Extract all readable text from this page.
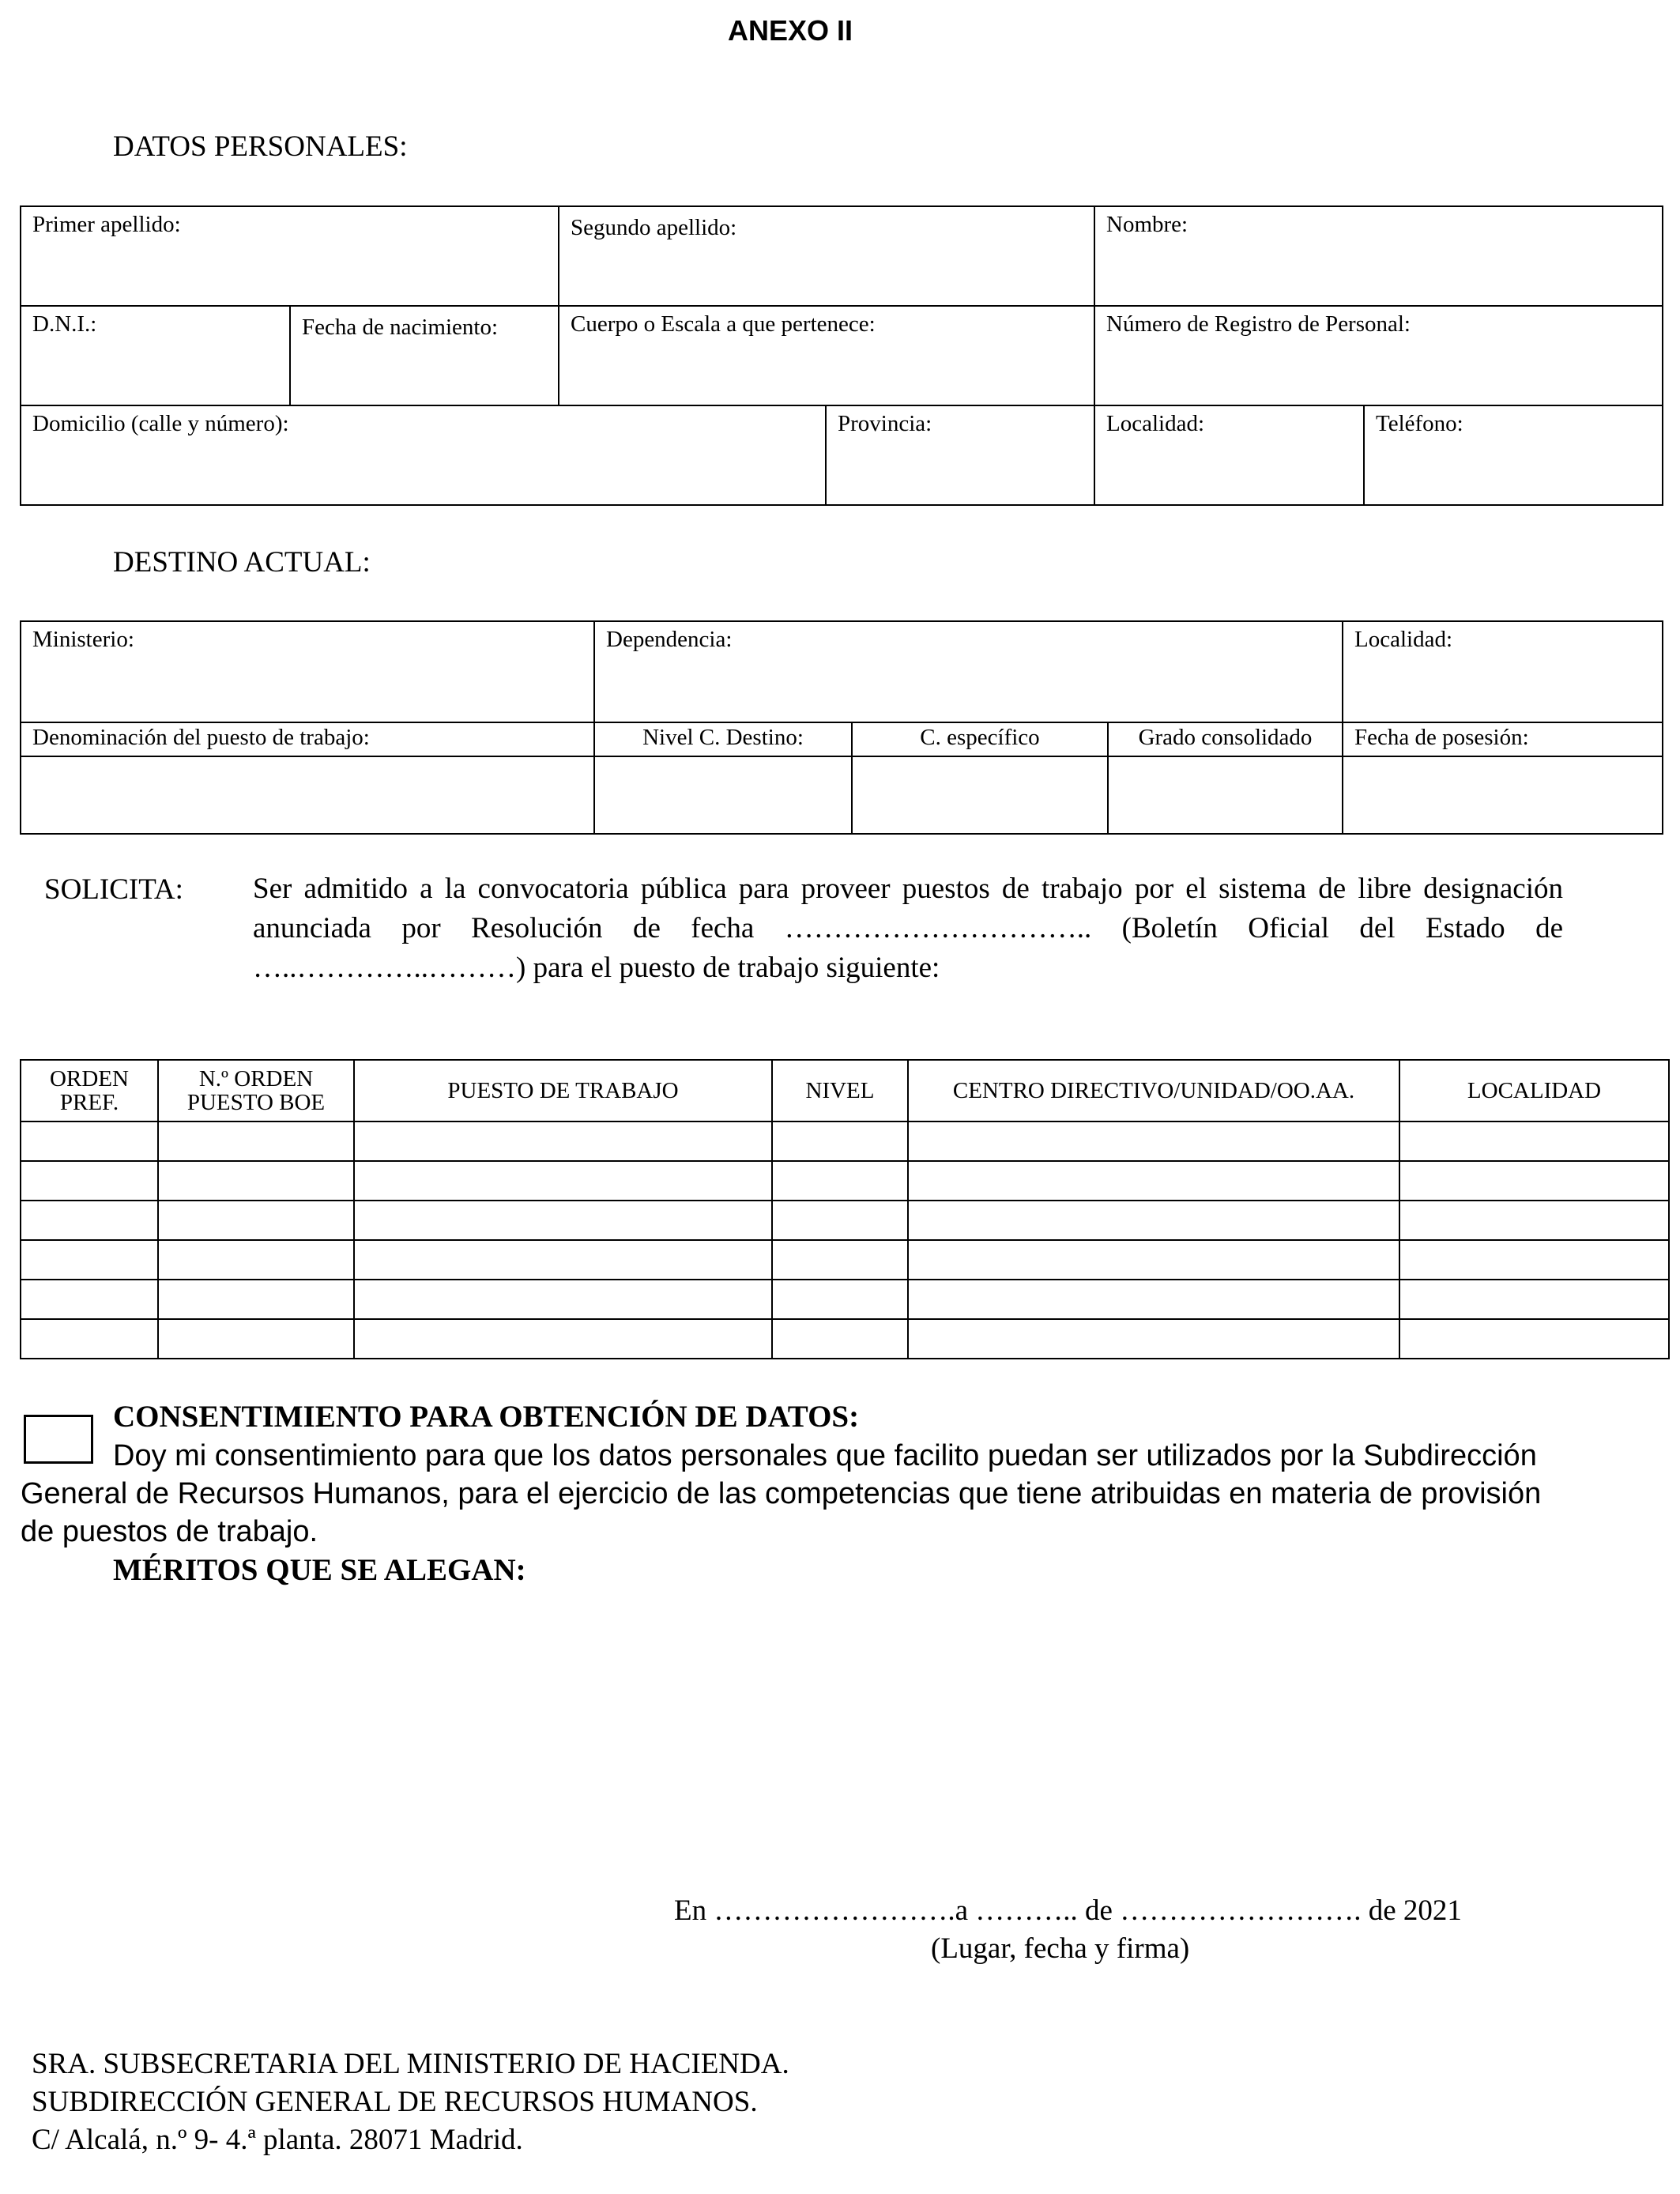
ANEXO II
DATOS PERSONALES:
Primer apellido:		Segundo apellido:		Nombre:	

D.N.I.:	Fecha de nacimiento:	Cuerpo o Escala a que pertenece:		Número de Registro de Personal:	

Domicilio (calle y número):			Provincia:	Localidad:	Teléfono:
DESTINO ACTUAL:
Ministerio:	Dependencia:			Localidad:

Denominación del puesto de trabajo:	Nivel C. Destino:	C. específico	Grado consolidado	Fecha de posesión:

SOLICITA: Ser admitido a la convocatoria pública para proveer puestos de trabajo por el sistema de libre designación anunciada por Resolución de fecha ………………………….. (Boletín Oficial del Estado de …..…………..………) para el puesto de trabajo siguiente:
ORDEN PREF.	N.º ORDEN PUESTO BOE	PUESTO DE TRABAJO	NIVEL	CENTRO DIRECTIVO/UNIDAD/OO.AA.	LOCALIDAD

CONSENTIMIENTO PARA OBTENCIÓN DE DATOS:
Doy mi consentimiento para que los datos personales que facilito puedan ser utilizados por la Subdirección General de Recursos Humanos, para el ejercicio de las competencias que tiene atribuidas en materia de provisión de puestos de trabajo.
MÉRITOS QUE SE ALEGAN:
En …………………….a ……….. de ……………………. de 2021
(Lugar, fecha y firma)
SRA. SUBSECRETARIA DEL MINISTERIO DE HACIENDA.
SUBDIRECCIÓN GENERAL DE RECURSOS HUMANOS.
C/ Alcalá, n.º 9- 4.ª planta. 28071 Madrid.
